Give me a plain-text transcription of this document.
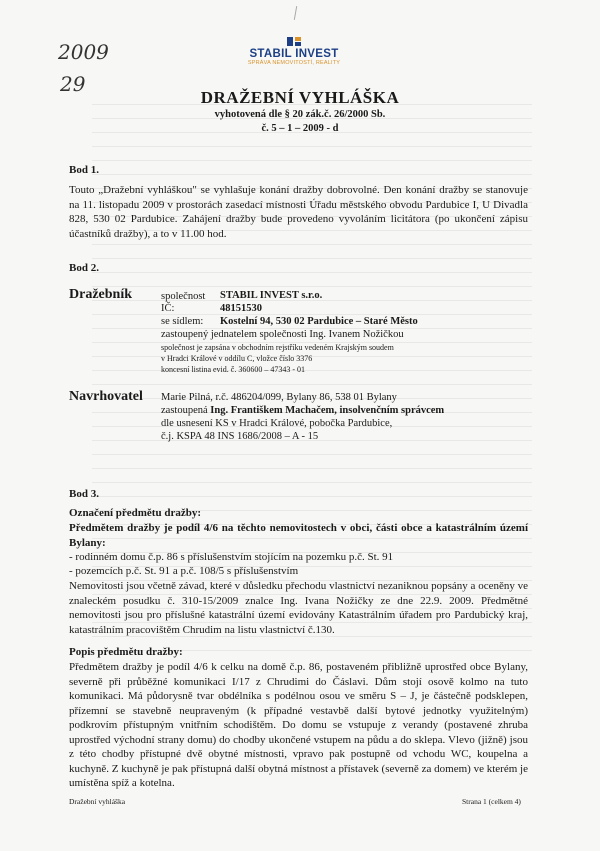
2009
29
STABIL INVEST
SPRÁVA NEMOVITOSTÍ, REALITY
DRAŽEBNÍ VYHLÁŠKA
vyhotovená dle § 20 zák.č. 26/2000 Sb.
č. 5 – 1 – 2009 - d
Bod 1.

Touto „Dražební vyhláškou" se vyhlašuje konání dražby dobrovolné. Den konání dražby se stanovuje na 11. listopadu 2009 v prostorách zasedací místnosti Úřadu městského obvodu Pardubice I, U Divadla 828, 530 02 Pardubice. Zahájení dražby bude provedeno vyvoláním licitátora (po ukončení zápisu účastníků dražby), a to v 11.00 hod.

Bod 2.
Dražebník	společnost STABIL INVEST s.r.o.
IČ:	48151530
se sídlem: Kostelní 94, 530 02 Pardubice – Staré Město
zastoupený jednatelem společnosti Ing. Ivanem Nožičkou
společnost je zapsána v obchodním rejstříku vedeném Krajským soudem
v Hradci Králové v oddílu C, vložce číslo 3376
koncesní listina evid. č. 360600 – 47343 - 01
Navrhovatel Marie Pilná, r.č. 486204/099, Bylany 86, 538 01 Bylany
zastoupená Ing. Františkem Machačem, insolvenčním správcem
dle usnesení KS v Hradci Králové, pobočka Pardubice,
č.j. KSPA 48 INS 1686/2008 – A - 15
Bod 3.
Označení předmětu dražby:

Předmětem dražby je podíl 4/6 na těchto nemovitostech v obci, části obce a katastrálním území Bylany:

- rodinném domu č.p. 86 s příslušenstvím stojícím na pozemku p.č. St. 91
- pozemcích p.č. St. 91 a p.č. 108/5 s příslušenstvím

Nemovitosti jsou včetně závad, které v důsledku přechodu vlastnictví nezaniknou popsány a oceněny ve znaleckém posudku č. 310-15/2009 znalce Ing. Ivana Nožičky ze dne 22.9. 2009. Předmětné nemovitosti jsou pro příslušné katastrální území evidovány Katastrálním úřadem pro Pardubický kraj, katastrálním pracovištěm Chrudim na listu vlastnictví č.130.

Popis předmětu dražby:

Předmětem dražby je podíl 4/6 k celku na domě č.p. 86, postaveném přibližně uprostřed obce Bylany, severně při průběžné komunikaci I/17 z Chrudimi do Čáslavi. Dům stojí osově kolmo na tuto komunikaci. Má půdorysně tvar obdélníka s podélnou osou ve směru S – J, je částečně podsklepen, přízemní se stavebně neupraveným (k případné vestavbě další bytové jednotky využitelným) podkrovím přístupným vnitřním schodištěm. Do domu se vstupuje z verandy (postavené zhruba uprostřed východní strany domu) do chodby ukončené vstupem na půdu a do sklepa. Vlevo (jižně) jsou z této chodby přístupné dvě obytné místnosti, vpravo pak postupně od vchodu WC, koupelna a kuchyně. Z kuchyně je pak přístupná další obytná místnost a přístavek (severně za domem) ve kterém je umístěna spíž a kotelna.

Dražební vyhláška	Strana 1 (celkem 4)
